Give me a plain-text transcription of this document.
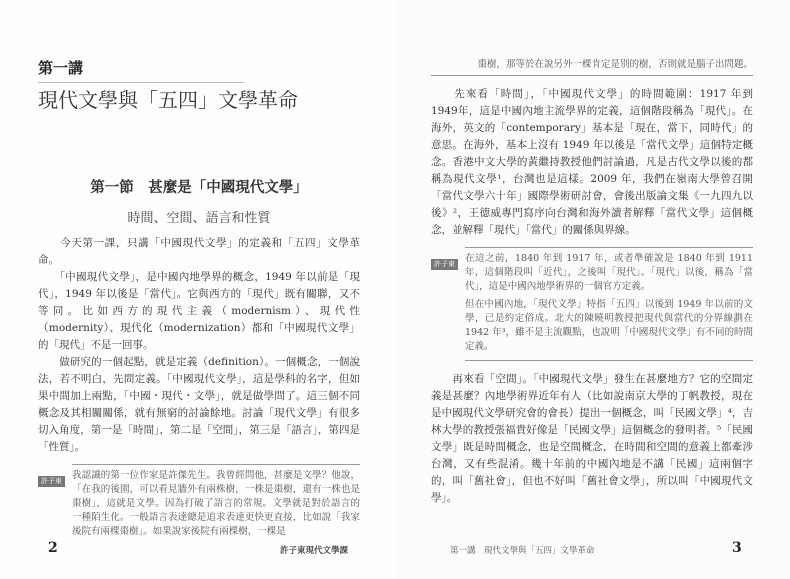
第一講
現代文學與「五四」文學革命
第一節　甚麼是「中國現代文學」
時間、空間、語言和性質

　　今天第一課，只講「中國現代文學」的定義和「五四」文學革命。

　　「中國現代文學」，是中國內地學界的概念，1949 年以前是「現代」，1949 年以後是「當代」。它與西方的「現代」既有關聯，又不等同。比如西方的現代主義（modernism）、現代性（modernity）、現代化（modernization）都和「中國現代文學」的「現代」不是一回事。

　　做研究的一個起點，就是定義（definition）。一個概念，一個說法，若不明白，先問定義。「中國現代文學」，這是學科的名字，但如果中間加上兩點，「中國・現代・文學」，就是做學問了。這三個不同概念及其相關關係，就有無窮的討論餘地。討論「現代文學」有很多切入角度，第一是「時間」，第二是「空間」，第三是「語言」，第四是「性質」。

許子東	我認識的第一位作家是許傑先生。我曾經問他，甚麼是文學？他說，「在我的後園，可以看見牆外有兩株樹，一株是棗樹，還有一株也是棗樹」，這就是文學。因為打破了語言的常規。文學就是對於語言的一種陌生化。一般語言表達總是追求表達更快更直接，比如說「我家後院有兩棵棗樹」。如果說家後院有兩棵樹，一棵是

2	許子東現代文學課
棗樹，那等於在說另外一棵肯定是別的樹，否則就是腦子出問題。

　　先來看「時間」，「中國現代文學」的時間範圍：1917 年到 1949年，這是中國內地主流學界的定義，這個階段稱為「現代」。在海外，英文的「contemporary」基本是「現在，當下，同時代」的意思。在海外，基本上沒有 1949 年以後是「當代文學」這個特定概念。香港中文大學的黃繼持教授他們討論過，凡是古代文學以後的都稱為現代文學¹，台灣也是這樣。2009 年，我們在嶺南大學曾召開「當代文學六十年」國際學術研討會，會後出版論文集《一九四九以後》²，王德威專門寫序向台灣和海外讀者解釋「當代文學」這個概念，並解釋「現代」「當代」的關係與界線。

許子東	在這之前，1840 年到 1917 年，或者準確說是 1840 年到 1911年，這個階段叫「近代」，之後叫「現代」。「現代」以後，稱為「當代」，這是中國內地學術界的一個官方定義。

但在中國內地，「現代文學」特指「五四」以後到 1949 年以前的文學，已是約定俗成。北大的陳曉明教授把現代與當代的分界線劃在 1942 年³，雖不是主流觀點，也說明「中國現代文學」有不同的時間定義。

　　再來看「空間」。「中國現代文學」發生在甚麼地方？它的空間定義是甚麼？內地學術界近年有人（比如說南京大學的丁帆教授，現在是中國現代文學研究會的會長）提出一個概念，叫「民國文學」⁴，吉林大學的教授張福貴好像是「民國文學」這個概念的發明者。⁵「民國文學」既是時間概念，也是空間概念，在時間和空間的意義上都牽涉台灣，又有些混淆。幾十年前的中國內地是不講「民國」這兩個字的，叫「舊社會」，但也不好叫「舊社會文學」，所以叫「中國現代文學」。

第一講　現代文學與「五四」文學革命	3
